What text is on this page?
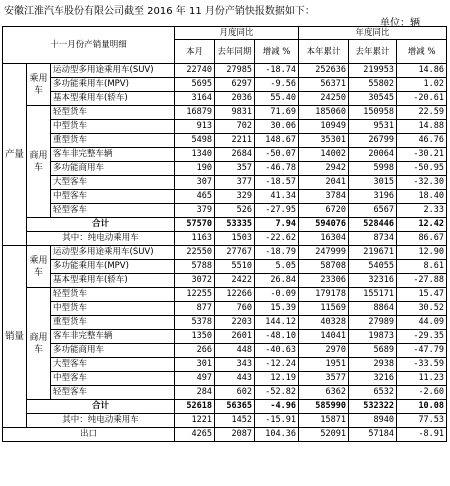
安徽江淮汽车股份有限公司截至 2016 年 11 月份产销快报数据如下：
单位：辆
十一月份产销量明细			月度同比			年度同比		
			本月	去年同期	增减 %	本年累计	去年累计	增减 %
产量	乘用车	运动型多用途乘用车(SUV)	22740	27985	-18.74	252636	219953	14.86
		多功能乘用车(MPV)	5695	6297	-9.56	56371	55802	1.02
		基本型乘用车(轿车)	3164	2036	55.40	24250	30545	-20.61
	商用车	轻型货车	16879	9831	71.69	185060	150958	22.59
		中型货车	913	702	30.06	10949	9531	14.88
		重型货车	5498	2211	148.67	35301	26799	46.76
		客车非完整车辆	1340	2684	-50.07	14002	20064	-30.21
		多功能商用车	190	357	-46.78	2942	5998	-50.95
		大型客车	307	377	-18.57	2041	3015	-32.30
		中型客车	465	329	41.34	3784	3196	18.40
		轻型客车	379	526	-27.95	6720	6567	2.33
	合计		57570	53335	7.94	594076	528446	12.42
	其中：纯电动乘用车		1163	1503	-22.62	16304	8734	86.67
销量	乘用车	运动型多用途乘用车(SUV)	22550	27767	-18.79	247999	219671	12.90
		多功能乘用车(MPV)	5788	5510	5.05	58708	54055	8.61
		基本型乘用车(轿车)	3072	2422	26.84	23306	32316	-27.88
	商用车	轻型货车	12255	12266	-0.09	179178	155171	15.47
		中型货车	877	760	15.39	11569	8864	30.52
		重型货车	5378	2203	144.12	40328	27989	44.09
		客车非完整车辆	1350	2601	-48.10	14041	19873	-29.35
		多功能商用车	266	448	-40.63	2970	5689	-47.79
		大型客车	301	343	-12.24	1951	2938	-33.59
		中型客车	497	443	12.19	3577	3216	11.23
		轻型客车	284	602	-52.82	6362	6532	-2.60
	合计		52618	56365	-4.96	585990	532322	10.08
	其中：纯电动乘用车		1221	1452	-15.91	15871	8940	77.53
出口			4265	2087	104.36	52091	57184	-8.91
